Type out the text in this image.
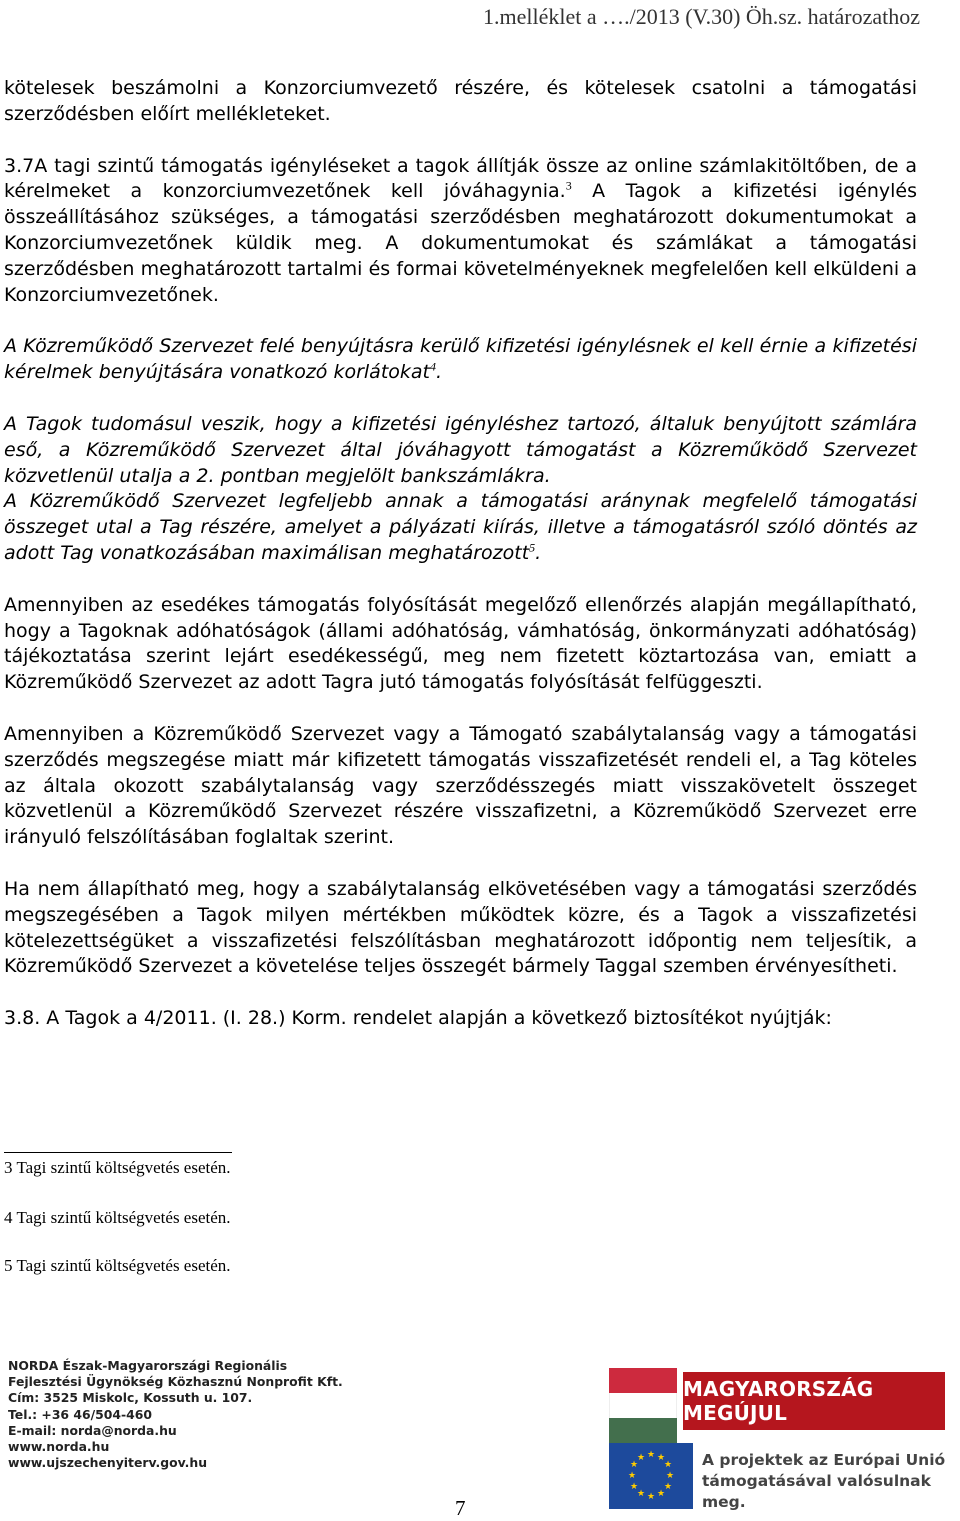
1.melléklet a …./2013 (V.30) Öh.sz. határozathoz

kötelesek beszámolni a Konzorciumvezető részére, és kötelesek csatolni a támogatási szerződésben előírt mellékleteket.

3.7A tagi szintű támogatás igényléseket a tagok állítják össze az online számlakitöltőben, de a kérelmeket a konzorciumvezetőnek kell jóváhagynia.$^3$ A Tagok a kifizetési igénylés összeállításához szükséges, a támogatási szerződésben meghatározott dokumentumokat a Konzorciumvezetőnek küldik meg. A dokumentumokat és számlákat a támogatási szerződésben meghatározott tartalmi és formai követelményeknek megfelelően kell elküldeni a Konzorciumvezetőnek.

A Közreműködő Szervezet felé benyújtásra kerülő kifizetési igénylésnek el kell érnie a kifizetési kérelmek benyújtására vonatkozó korlátokat$^4$.

A Tagok tudomásul veszik, hogy a kifizetési igényléshez tartozó, általuk benyújtott számlára eső, a Közreműködő Szervezet által jóváhagyott támogatást a Közreműködő Szervezet közvetlenül utalja a 2. pontban megjelölt bankszámlákra.

A Közreműködő Szervezet legfeljebb annak a támogatási aránynak megfelelő támogatási összeget utal a Tag részére, amelyet a pályázati kiírás, illetve a támogatásról szóló döntés az adott Tag vonatkozásában maximálisan meghatározott$^5$.

Amennyiben az esedékes támogatás folyósítását megelőző ellenőrzés alapján megállapítható, hogy a Tagoknak adóhatóságok (állami adóhatóság, vámhatóság, önkormányzati adóhatóság) tájékoztatása szerint lejárt esedékességű, meg nem fizetett köztartozása van, emiatt a Közreműködő Szervezet az adott Tagra jutó támogatás folyósítását felfüggeszti.

Amennyiben a Közreműködő Szervezet vagy a Támogató szabálytalanság vagy a támogatási szerződés megszegése miatt már kifizetett támogatás visszafizetését rendeli el, a Tag köteles az általa okozott szabálytalanság vagy szerződésszegés miatt visszakövetelt összeget közvetlenül a Közreműködő Szervezet részére visszafizetni, a Közreműködő Szervezet erre irányuló felszólításában foglaltak szerint.

Ha nem állapítható meg, hogy a szabálytalanság elkövetésében vagy a támogatási szerződés megszegésében a Tagok milyen mértékben működtek közre, és a Tagok a visszafizetési kötelezettségüket a visszafizetési felszólításban meghatározott időpontig nem teljesítik, a Közreműködő Szervezet a követelése teljes összegét bármely Taggal szemben érvényesítheti.

3.8. A Tagok a 4/2011. (I. 28.) Korm. rendelet alapján a következő biztosítékot nyújtják:

3 Tagi szintű költségvetés esetén.
4 Tagi szintű költségvetés esetén.
5 Tagi szintű költségvetés esetén.
NORDA Észak-Magyarországi Regionális
Fejlesztési Ügynökség Közhasznú Nonprofit Kft.
Cím: 3525 Miskolc, Kossuth u. 107.
Tel.: +36 46/504-460
E-mail: norda@norda.hu
www.norda.hu
www.ujszechenyiterv.gov.hu
MAGYARORSZÁG MEGÚJUL
★ ★
★
★
★
★
★
★
★
★
★
★	A projektek az Európai Unió
támogatásával valósulnak meg.
7
